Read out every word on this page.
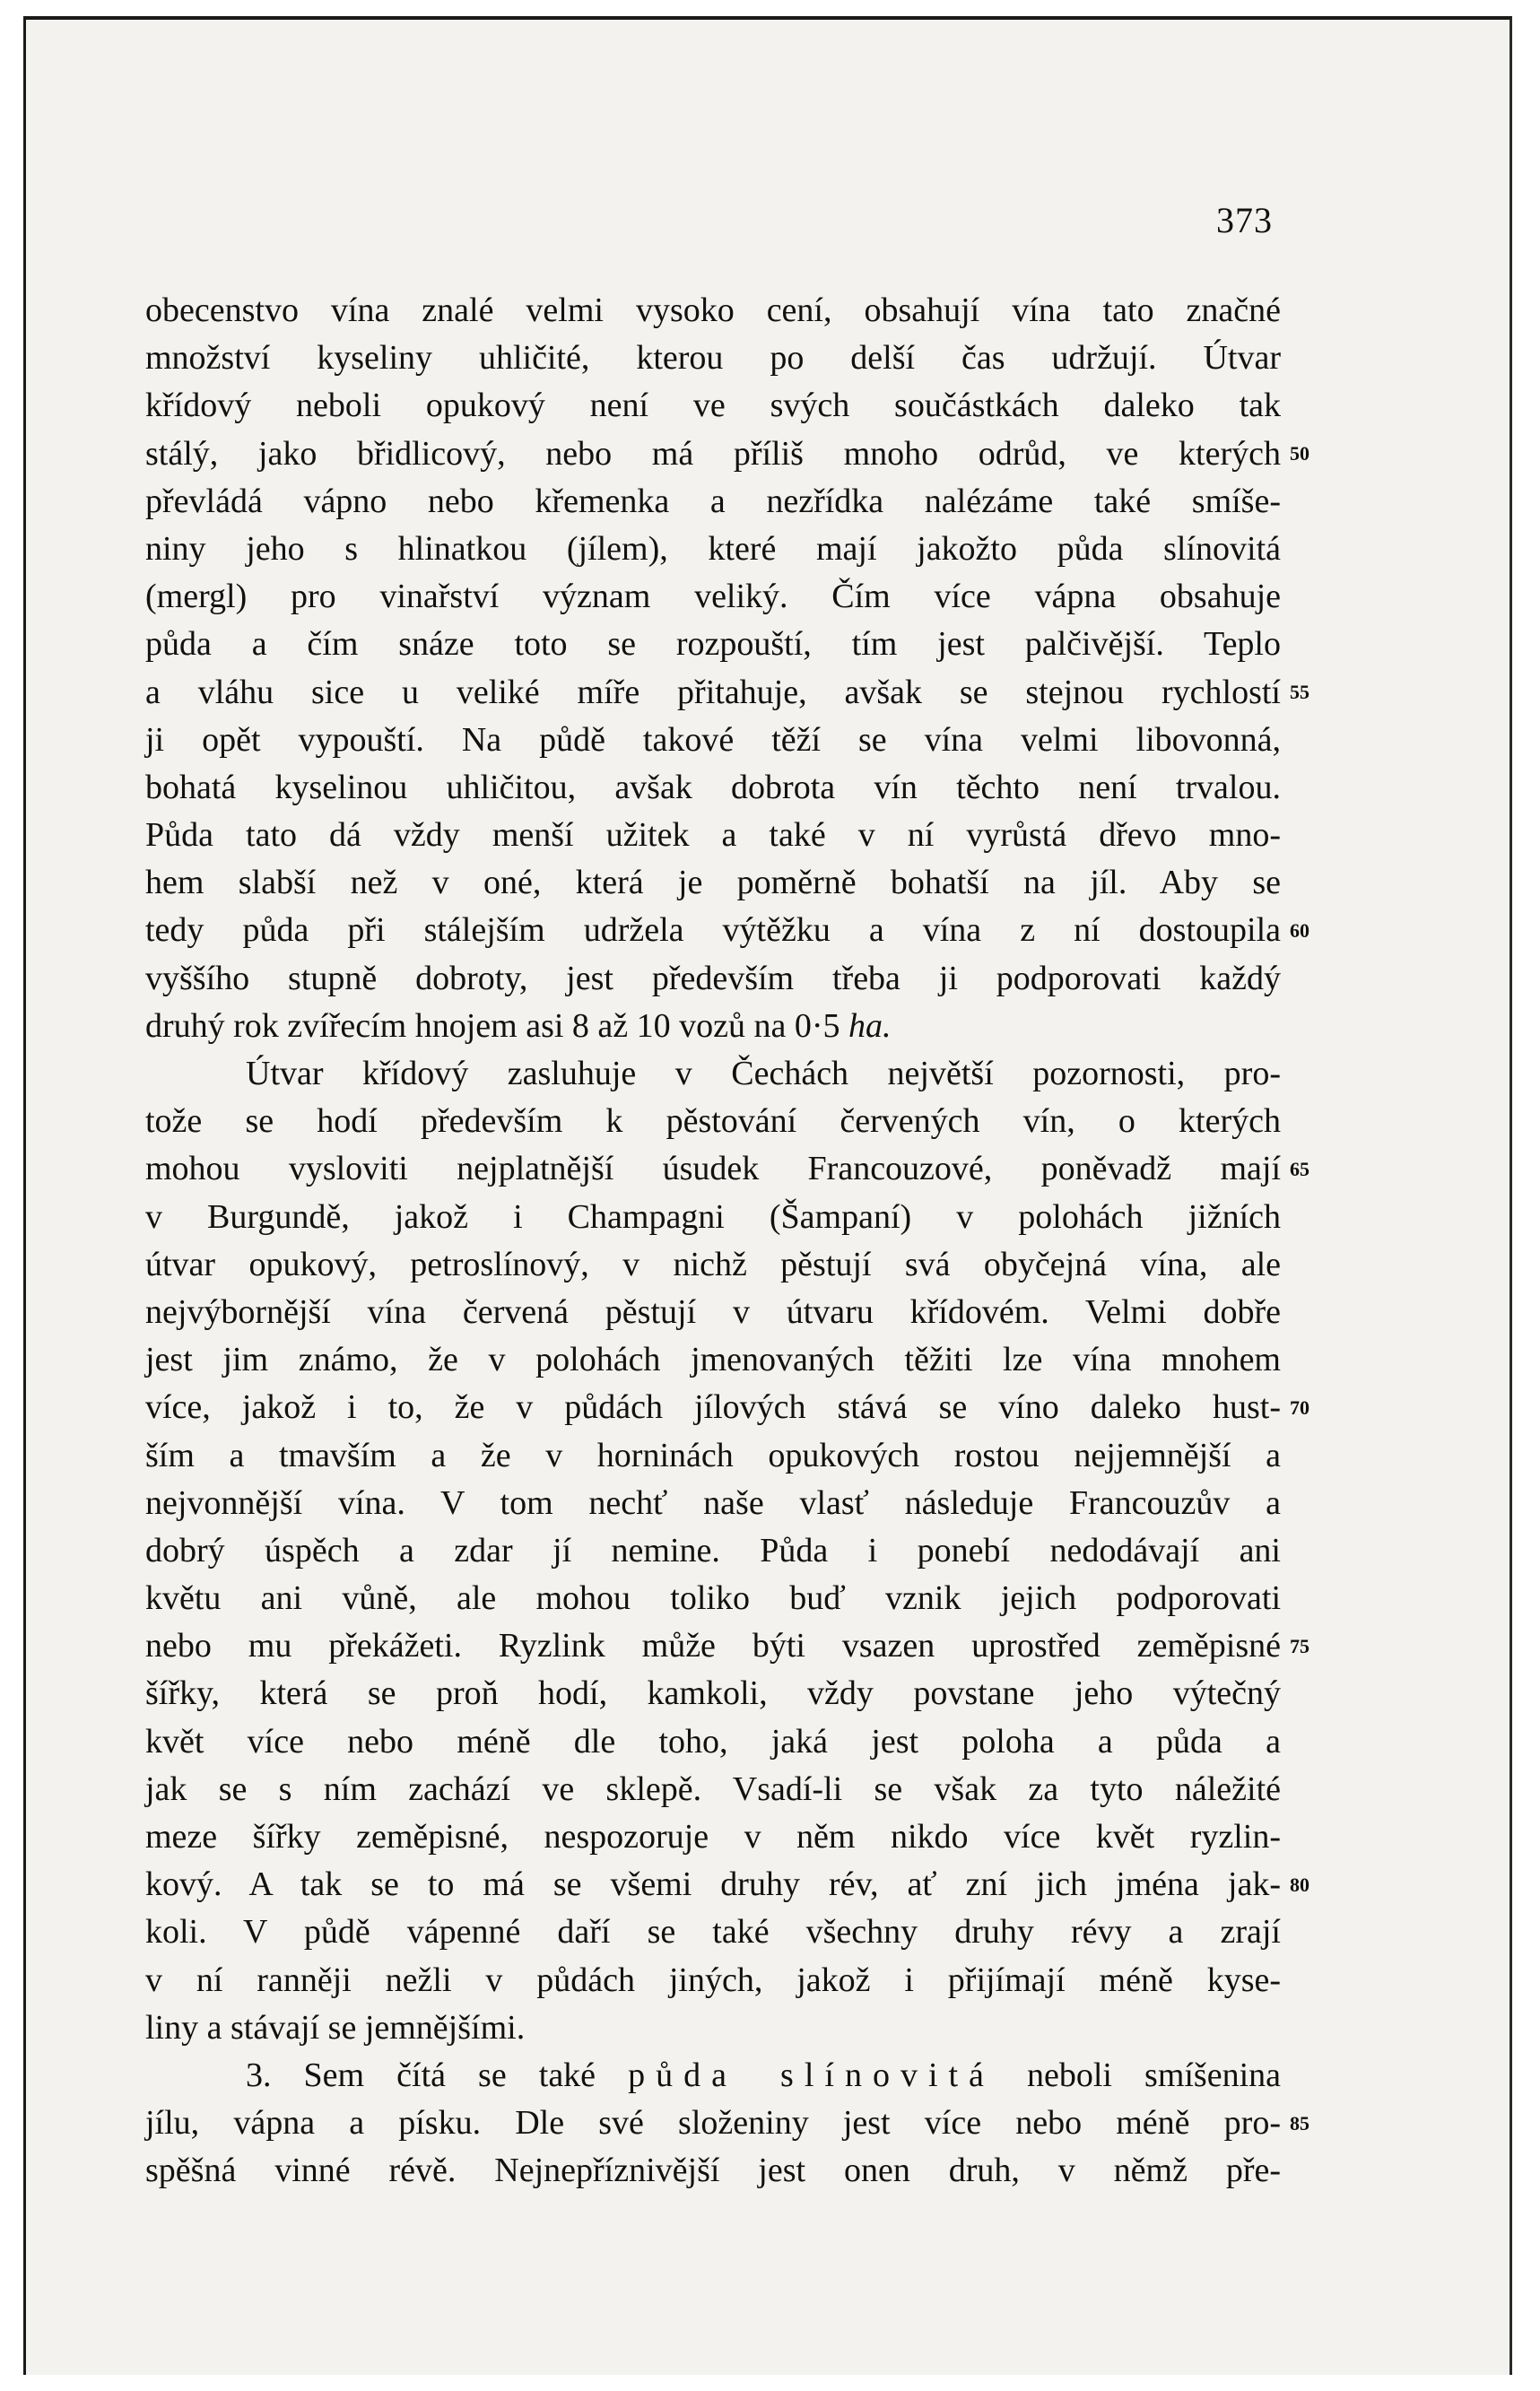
373
obecenstvo vína znalé velmi vysoko cení, obsahují vína tato značné
množství kyseliny uhličité, kterou po delší čas udržují. Útvar
křídový neboli opukový není ve svých součástkách daleko tak
stálý, jako břidlicový, nebo má příliš mnoho odrůd, ve kterých
převládá vápno nebo křemenka a nezřídka nalézáme také smíše-
niny jeho s hlinatkou (jílem), které mají jakožto půda slínovitá
(mergl) pro vinařství význam veliký. Čím více vápna obsahuje
půda a čím snáze toto se rozpouští, tím jest palčivější. Teplo
a vláhu sice u veliké míře přitahuje, avšak se stejnou rychlostí
ji opět vypouští. Na půdě takové těží se vína velmi libovonná,
bohatá kyselinou uhličitou, avšak dobrota vín těchto není trvalou.
Půda tato dá vždy menší užitek a také v ní vyrůstá dřevo mno-
hem slabší než v oné, která je poměrně bohatší na jíl. Aby se
tedy půda při stálejším udržela výtěžku a vína z ní dostoupila
vyššího stupně dobroty, jest především třeba ji podporovati každý
druhý rok zvířecím hnojem asi 8 až 10 vozů na 0·5 ha.
Útvar křídový zasluhuje v Čechách největší pozornosti, pro-
tože se hodí především k pěstování červených vín, o kterých
mohou vysloviti nejplatnější úsudek Francouzové, poněvadž mají
v Burgundě, jakož i Champagni (Šampaní) v polohách jižních
útvar opukový, petroslínový, v nichž pěstují svá obyčejná vína, ale
nejvýbornější vína červená pěstují v útvaru křídovém. Velmi dobře
jest jim známo, že v polohách jmenovaných těžiti lze vína mnohem
více, jakož i to, že v půdách jílových stává se víno daleko hust-
ším a tmavším a že v horninách opukových rostou nejjemnější a
nejvonnější vína. V tom nechť naše vlasť následuje Francouzův a
dobrý úspěch a zdar jí nemine. Půda i ponebí nedodávají ani
květu ani vůně, ale mohou toliko buď vznik jejich podporovati
nebo mu překážeti. Ryzlink může býti vsazen uprostřed zeměpisné
šířky, která se proň hodí, kamkoli, vždy povstane jeho výtečný
květ více nebo méně dle toho, jaká jest poloha a půda a
jak se s ním zachází ve sklepě. Vsadí-li se však za tyto náležité
meze šířky zeměpisné, nespozoruje v něm nikdo více květ ryzlin-
kový. A tak se to má se všemi druhy rév, ať zní jich jména jak-
koli. V půdě vápenné daří se také všechny druhy révy a zrají
v ní ranněji nežli v půdách jiných, jakož i přijímají méně kyse-
liny a stávají se jemnějšími.
3. Sem čítá se také půda slínovitá neboli smíšenina
jílu, vápna a písku. Dle své složeniny jest více nebo méně pro-
spěšná vinné révě. Nejnepříznivější jest onen druh, v němž pře-
50
55
60
65
70
75
80
85
